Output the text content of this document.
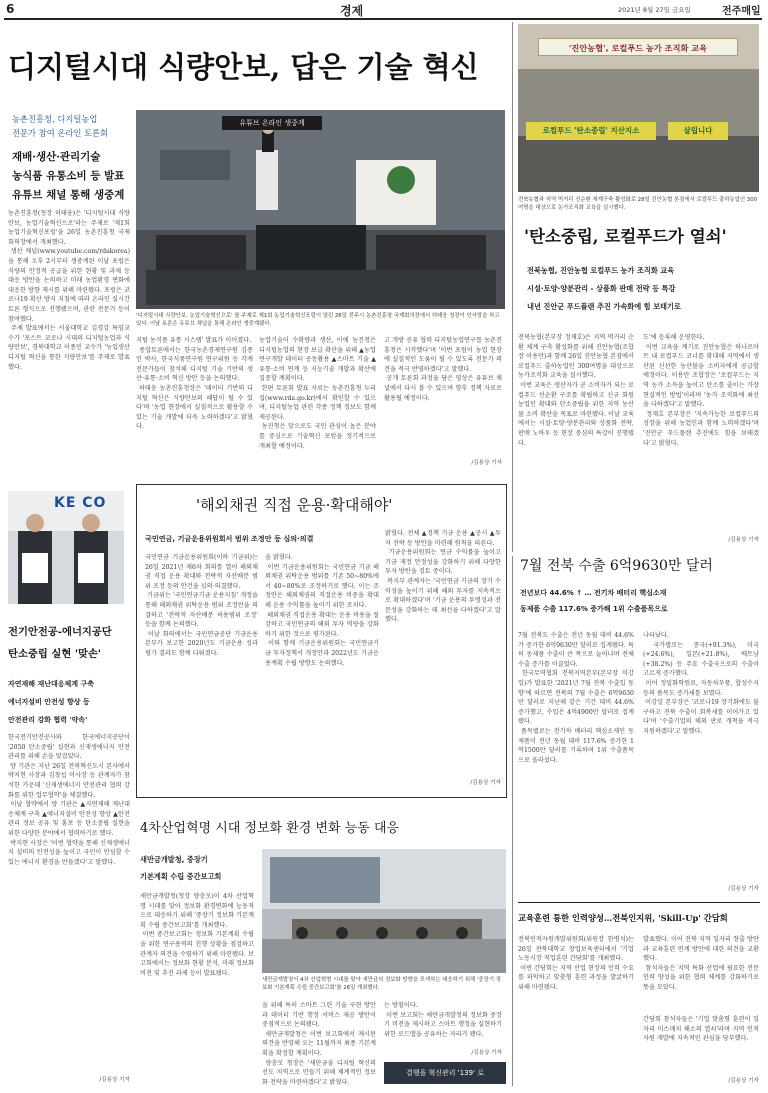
6	경제	2021년 8월 27일 금요일	전주매일
디지털시대 식량안보, 답은 기술 혁신
농촌진흥청, 디지털농업
전문가 참여 온라인 토론회
재배·생산·관리기술
농식품 유통소비 등 발표
유튜브 채널 통해 생중계
유튜브 온라인 생중계
'디지털시대 식량안보, 농업기술혁신으로' 를 주제로 제1회 농업기술혁신포럼이 열린 26일 전주시 농촌진흥청 국제회의장에서 허태웅 청장이 인사말을 하고 있다. 이날 토론은 유튜브 채널을 통해 온라인 생중계됐다.
농촌진흥청(청장 허태웅)은 '디지털시대 식량안보, 농업기술혁신으로'라는 주제로 '제1회 농업기술혁신포럼'을 26일 농촌진흥청 국제회의장에서 개최했다.
생산 채널(www.youtube.com/rdakorea)을 통해 오후 2시부터 생중계된 이날 포럼은 식량의 안정적 공급을 위한 현황 및 과제 등 대응 방안을 논의하고 미래 농업환경 변화에 대응한 방향 제시를 위해 마련됐다. 포럼은 코로나19 확산 방지 지침에 따라 온라인 실시간 토론 형식으로 진행됐으며, 관련 전문가 등이 참여했다.
주제 발표에서는 서울대학교 김경감 특임교수가 '포스트 코로나 시대의 디지털농업과 식량안보', 경북대학교 이종민 교수가 '농업생산 디지털 혁신을 통한 식량안보'를 주제로 발표했다.
지털 농식품 유통 시스템' 발표가 이어졌다.
종합토론에서는 한국농촌경제연구원 김종인 박사, 한국식품연구원 연구위원 등 각계 전문가들이 참석해 디지털 기술 기반의 생산·유통·소비 혁신 방안 등을 논의했다.
허태웅 농촌진흥청장은 '데이터 기반의 디지털 혁신은 식량안보의 해답이 될 수 있다'며 '농업 현장에서 실질적으로 활용할 수 있는 기술 개발에 더욱 노력하겠다'고 밝혔다.
농업기술이 수확량과 생산, 이에 농진청은 디지털농업의 현장 보급 확산을 위해 ▲농업 연구개발 데이터 공동활용 ▲스마트 기술 ▲유통·소비 연계 등 지능기술 개발과 확산에 집중할 계획이다.
한편 토론회 발표 자료는 농촌진흥청 누리집(www.rda.go.kr)에서 확인할 수 있으며, 디지털농업 관련 각종 정책 정보도 함께 제공된다.
농진청은 앞으로도 국민 관심이 높은 분야를 중심으로 기술혁신 포럼을 정기적으로 개최할 예정이다.
고 개방 공유 협력 디지털농업연구를 농촌진흥청은 시작했다'며 '이번 포럼이 농업 현장에 실질적인 도움이 될 수 있도록 전문가 의견을 적극 반영하겠다'고 말했다.
공개 토론회 과정을 담은 영상은 유튜브 채널에서 다시 볼 수 있으며 향후 정책 자료로 활용될 예정이다.
/김용상 기자
'진안농협', 로컬푸드 농가 조직화 교육
로컬푸드 '탄소중립' 지산지소	살립니다
전북농협과 지역 먹거리 선순환 체계구축 활성화로 28일 진안농협 본점에서 로컬푸드 출하농업인 300여명을 대상으로 농가조직화 교육을 실시했다.
'탄소중립, 로컬푸드가 열쇠'
전북농협, 진안농협 로컬푸드 농가 조직화 교육
시설·토양·양분관리 - 상품화 판매 전략 등 특강
내년 진안군 푸드플랜 추진 가속화에 힘 보태기로
전북농협(본부장 정재호)은 지역 먹거리 순환 체계 구축 활성화를 위해 진안농협(조합장 이용만)과 함께 26일 진안농협 본점에서 로컬푸드 출하농업인 300여명을 대상으로 농가조직화 교육을 실시했다.
이번 교육은 생산자가 곧 소비자가 되는 로컬푸드 선순환 구조를 확립하고 신규 회원 농업인 확대와 탄소중립을 위한 지역 농산물 소비 확산을 목표로 마련됐다. 이날 교육에서는 시설·토양·양분관리와 상품화 전략, 판매 노하우 등 현장 중심의 특강이 진행됐다.
도'에 등록해 운영한다.
이번 교육을 계기로 진안농협은 하나로마트 내 로컬푸드 코너를 확대해 지역에서 생산된 신선한 농산물을 소비자에게 공급할 예정이다. 이용만 조합장은 '로컬푸드는 지역 농가 소득을 높이고 탄소를 줄이는 가장 현실적인 방법'이라며 '농가 조직화에 최선을 다하겠다'고 말했다.
정재호 본부장은 '지속가능한 로컬푸드의 성장을 위해 농업인과 함께 노력하겠다'며 '진안군 푸드플랜 추진에도 힘을 보태겠다'고 밝혔다.
/김용상 기자
KE CO
전기안전공-에너지공단
탄소중립 실현 '맞손'
자연재해 재난대응체계 구축
에너지설비 안전성 향상 등
안전관리 강화 협력 '약속'
한국전기안전공사와 한국에너지공단이 '2050 탄소중립' 실현과 신재생에너지 안전관리를 위해 손을 맞잡았다.
양 기관은 지난 26일 전북혁신도시 본사에서 박지현 사장과 김창섭 이사장 등 관계자가 참석한 가운데 '신재생에너지 안전관리 협력 강화를 위한 업무협약'을 체결했다.
이날 협약에서 양 기관은 ▲자연재해 재난대응체계 구축 ▲에너지설비 안전성 향상 ▲안전관리 정보 공유 및 홍보 등 탄소중립 실현을 위한 다양한 분야에서 협력하기로 했다.
박지현 사장은 '이번 협약을 통해 신재생에너지 설비의 안전성을 높이고 국민이 안심할 수 있는 에너지 환경을 만들겠다'고 말했다.
/김용상 기자
'해외채권 직접 운용·확대해야'
국민연금, 기금운용위원회서 범위 조정안 등 심의·의결
국민연금 기금운용위원회(이하 기금위)는 26일 2021년 제6차 회의를 열어 해외채권 직접 운용 확대와 전략적 자산배분 범위 조정 등의 안건을 심의·의결했다.
기금위는 '국민연금기금 운용지침' 개정을 통해 해외채권 위탁운용 범위 조정안을 의결하고 '전략적 자산배분 허용범위 조정' 등을 함께 논의했다.
이날 회의에서는 국민연금공단 기금운용본부가 보고한 2020년도 기금운용 성과평가 결과도 함께 다뤄졌다.
을 밝혔다.
이번 기금운용위원회는 국민연금 기금 해외채권 위탁운용 범위를 기존 50~80%에서 40~80%로 조정하기로 했다. 이는 조정안은 해외채권의 직접운용 비중을 확대해 운용 수익률을 높이기 위한 조치다.
해외채권 직접운용 확대는 운용 비용을 절감하고 국민연금의 해외 투자 역량을 강화하기 위한 것으로 평가된다.
이와 함께 기금운용위원회는 국민연금기금 투자정책서 개정안과 2022년도 기금운용계획 수립 방향도 논의했다.
밝혔다. 전체 ▲정책 기금 운용 ▲공시 ▲투자 전략 등 방안을 마련해 원칙을 따른다.
기금운용위원회는 연금 수익률을 높이고 기금 재정 안정성을 강화하기 위해 다양한 투자 방안을 검토 중이다.
복지부 관계자는 '국민연금 기금의 장기 수익성을 높이기 위해 해외 투자를 지속적으로 확대하겠다'며 '기금 운용의 투명성과 전문성을 강화하는 데 최선을 다하겠다'고 말했다.
/김용상 기자
4차산업혁명 시대 정보화 환경 변화 능동 대응
새만금개발청, 중장기
기본계획 수립 중간보고회
새만금개발청(청장 양충모)이 4차 산업혁명 시대를 맞아 정보화 환경변화에 능동적으로 대응하기 위해 '중장기 정보화 기본계획 수립 중간보고회'를 개최했다.
이번 중간보고회는 정보화 기본계획 수립을 위한 연구용역의 진행 상황을 점검하고 관계자 의견을 수렴하기 위해 마련됐다. 보고회에서는 정보화 현황 분석, 미래 정보화 비전 및 추진 과제 등이 발표됐다.
새만금개발청이 4차 산업혁명 시대를 맞아 새만금의 정보화 방향을 모색하는 대응하기 위해 '중장기 정보화 기본계획 수립 중간보고회'를 26일 개최했다.
을 위해 특히 스마트 그린 기술 구현 방안과 데이터 기반 행정 서비스 제공 방안이 중점적으로 논의됐다.
새만금개발청은 이번 보고회에서 제시된 의견을 반영해 오는 11월까지 최종 기본계획을 확정할 계획이다.
양충모 청장은 '새만금을 디지털 혁신의 선도 지역으로 만들기 위해 체계적인 정보화 전략을 마련하겠다'고 밝혔다.
는 방침이다.
이번 보고회는 새만금개발청의 정보화 중장기 비전을 제시하고 스마트 행정을 실현하기 위한 로드맵을 공유하는 자리가 됐다.
/김용상 기자
결행을 혁신관리 '139' 로
7월 전북 수출 6억9630만 달러
전년보다 44.6% ↑ … 전기차 배터리 핵심소재
동제품 수출 117.6% 증가해 1위 수출품목으로
7월 전북도 수출은 전년 동월 대비 44.6%가 증가한 6억9630만 달러로 집계됐다. 특히 동제품 수출이 큰 폭으로 늘어나며 전체 수출 증가를 이끌었다.
한국무역협회 전북지역본부(본부장 이강일)가 발표한 '2021년 7월 전북 수출입 동향'에 따르면 전북의 7월 수출은 6억9630만 달러로 지난해 같은 기간 대비 44.6% 증가했고, 수입은 4억4900만 달러로 집계됐다.
품목별로는 전기차 배터리 핵심소재인 동제품이 전년 동월 대비 117.6% 증가한 1억1500만 달러를 기록하며 1위 수출품목으로 올라섰다.
나타났다.
국가별로는 중국(+91.3%), 미국(+24.6%), 일본(+21.8%), 베트남(+38.2%) 등 주요 수출국으로의 수출이 고르게 증가했다.
이어 정밀화학원료, 자동차부품, 합성수지 등의 품목도 증가세를 보였다.
이강일 본부장은 '코로나19 장기화에도 불구하고 전북 수출이 회복세를 이어가고 있다'며 '수출기업의 해외 판로 개척을 적극 지원하겠다'고 말했다.
/김용상 기자
교육훈련 통한 인력양성…전북인지위, 'Skill-Up' 간담회
전북인적자원개발위원회(위원장 한병석)는 26일 전북대학교 창업보육센터에서 '기업 노동시장 직업훈련 간담회'를 개최했다.
이번 간담회는 지역 산업 현장의 인력 수요를 파악하고 맞춤형 훈련 과정을 발굴하기 위해 마련됐다.
발표했다. 이어 전북 지역 일자리 창출 방안과 교육훈련 연계 방안에 대한 의견을 교환했다.
참석자들은 지역 특화 산업에 필요한 전문 인력 양성을 위한 협력 체계를 강화하기로 뜻을 모았다.
간담회 참석자들은 '기업 맞춤형 훈련이 일자리 미스매치 해소의 열쇠'라며 지역 인적자원 개발에 지속적인 관심을 당부했다.
/김용상 기자
